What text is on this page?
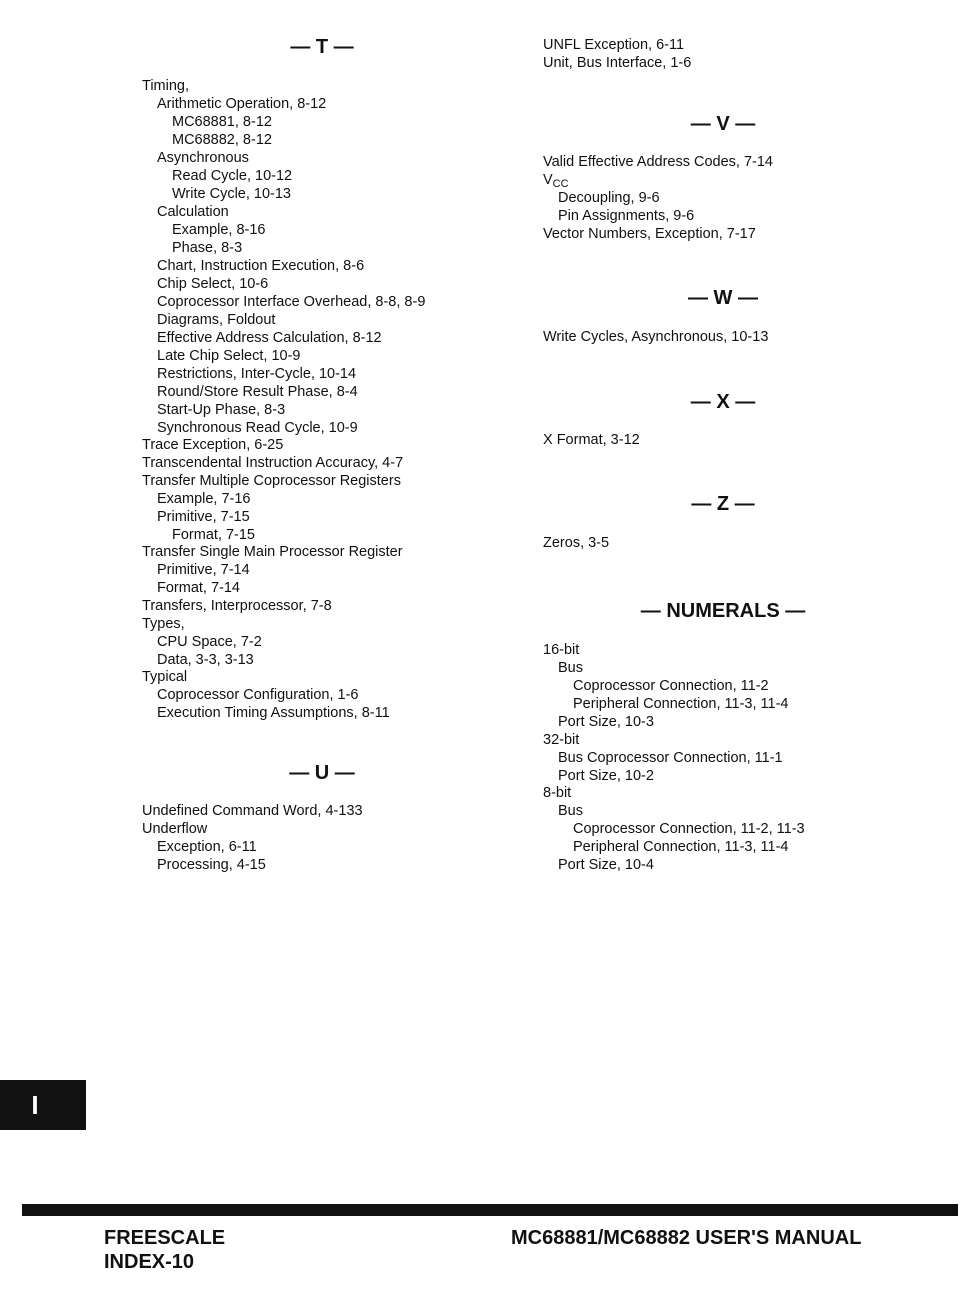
— T —
Timing,
Arithmetic Operation, 8-12
MC68881, 8-12
MC68882, 8-12
Asynchronous
Read Cycle, 10-12
Write Cycle, 10-13
Calculation
Example, 8-16
Phase, 8-3
Chart, Instruction Execution, 8-6
Chip Select, 10-6
Coprocessor Interface Overhead, 8-8, 8-9
Diagrams, Foldout
Effective Address Calculation, 8-12
Late Chip Select, 10-9
Restrictions, Inter-Cycle, 10-14
Round/Store Result Phase, 8-4
Start-Up Phase, 8-3
Synchronous Read Cycle, 10-9
Trace Exception, 6-25
Transcendental Instruction Accuracy, 4-7
Transfer Multiple Coprocessor Registers
Example, 7-16
Primitive, 7-15
Format, 7-15
Transfer Single Main Processor Register
Primitive, 7-14
Format, 7-14
Transfers, Interprocessor, 7-8
Types,
CPU Space, 7-2
Data, 3-3, 3-13
Typical
Coprocessor Configuration, 1-6
Execution Timing Assumptions, 8-11
— U —
Undefined Command Word, 4-133
Underflow
Exception, 6-11
Processing, 4-15
UNFL Exception, 6-11
Unit, Bus Interface, 1-6
— V —
Valid Effective Address Codes, 7-14
$V_{CC}$
Decoupling, 9-6
Pin Assignments, 9-6
Vector Numbers, Exception, 7-17
— W —
Write Cycles, Asynchronous, 10-13
— X —
X Format, 3-12
— Z —
Zeros, 3-5
— NUMERALS —
16-bit
Bus
Coprocessor Connection, 11-2
Peripheral Connection, 11-3, 11-4
Port Size, 10-3
32-bit
Bus Coprocessor Connection, 11-1
Port Size, 10-2
8-bit
Bus
Coprocessor Connection, 11-2, 11-3
Peripheral Connection, 11-3, 11-4
Port Size, 10-4
I
FREESCALE
INDEX-10
MC68881/MC68882 USER'S MANUAL
